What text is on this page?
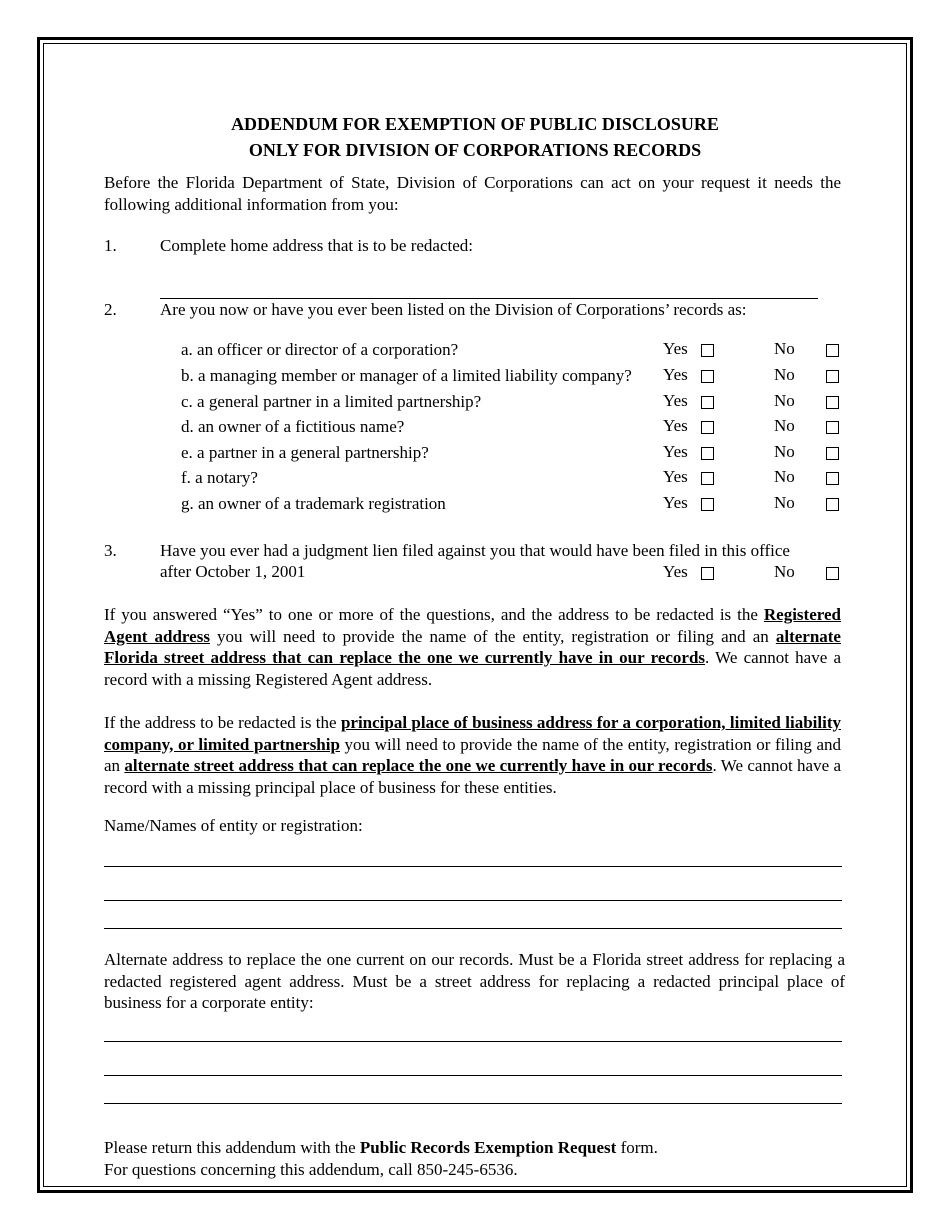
ADDENDUM FOR EXEMPTION OF PUBLIC DISCLOSURE
ONLY FOR DIVISION OF CORPORATIONS RECORDS
Before the Florida Department of State, Division of Corporations can act on your request it needs the following additional information from you:
1.	Complete home address that is to be redacted:
2.	Are you now or have you ever been listed on the Division of Corporations’ records as:
a. an officer or director of a corporation?	Yes	No
b. a managing member or manager of a limited liability company? Yes	No
c. a general partner in a limited partnership?	Yes	No
d. an owner of a fictitious name?	Yes	No
e. a partner in a general partnership?	Yes	No
f. a notary?	Yes	No
g. an owner of a trademark registration	Yes	No
3.	Have you ever had a judgment lien filed against you that would have been filed in this office
after October 1, 2001	Yes	No
If you answered “Yes” to one or more of the questions, and the address to be redacted is the Registered Agent address you will need to provide the name of the entity, registration or filing and an alternate Florida street address that can replace the one we currently have in our records. We cannot have a record with a missing Registered Agent address.
If the address to be redacted is the principal place of business address for a corporation, limited liability company, or limited partnership you will need to provide the name of the entity, registration or filing and an alternate street address that can replace the one we currently have in our records. We cannot have a record with a missing principal place of business for these entities.
Name/Names of entity or registration:
Alternate address to replace the one current on our records. Must be a Florida street address for replacing a redacted registered agent address. Must be a street address for replacing a redacted principal place of business for a corporate entity:
Please return this addendum with the Public Records Exemption Request form.
For questions concerning this addendum, call 850-245-6536.
